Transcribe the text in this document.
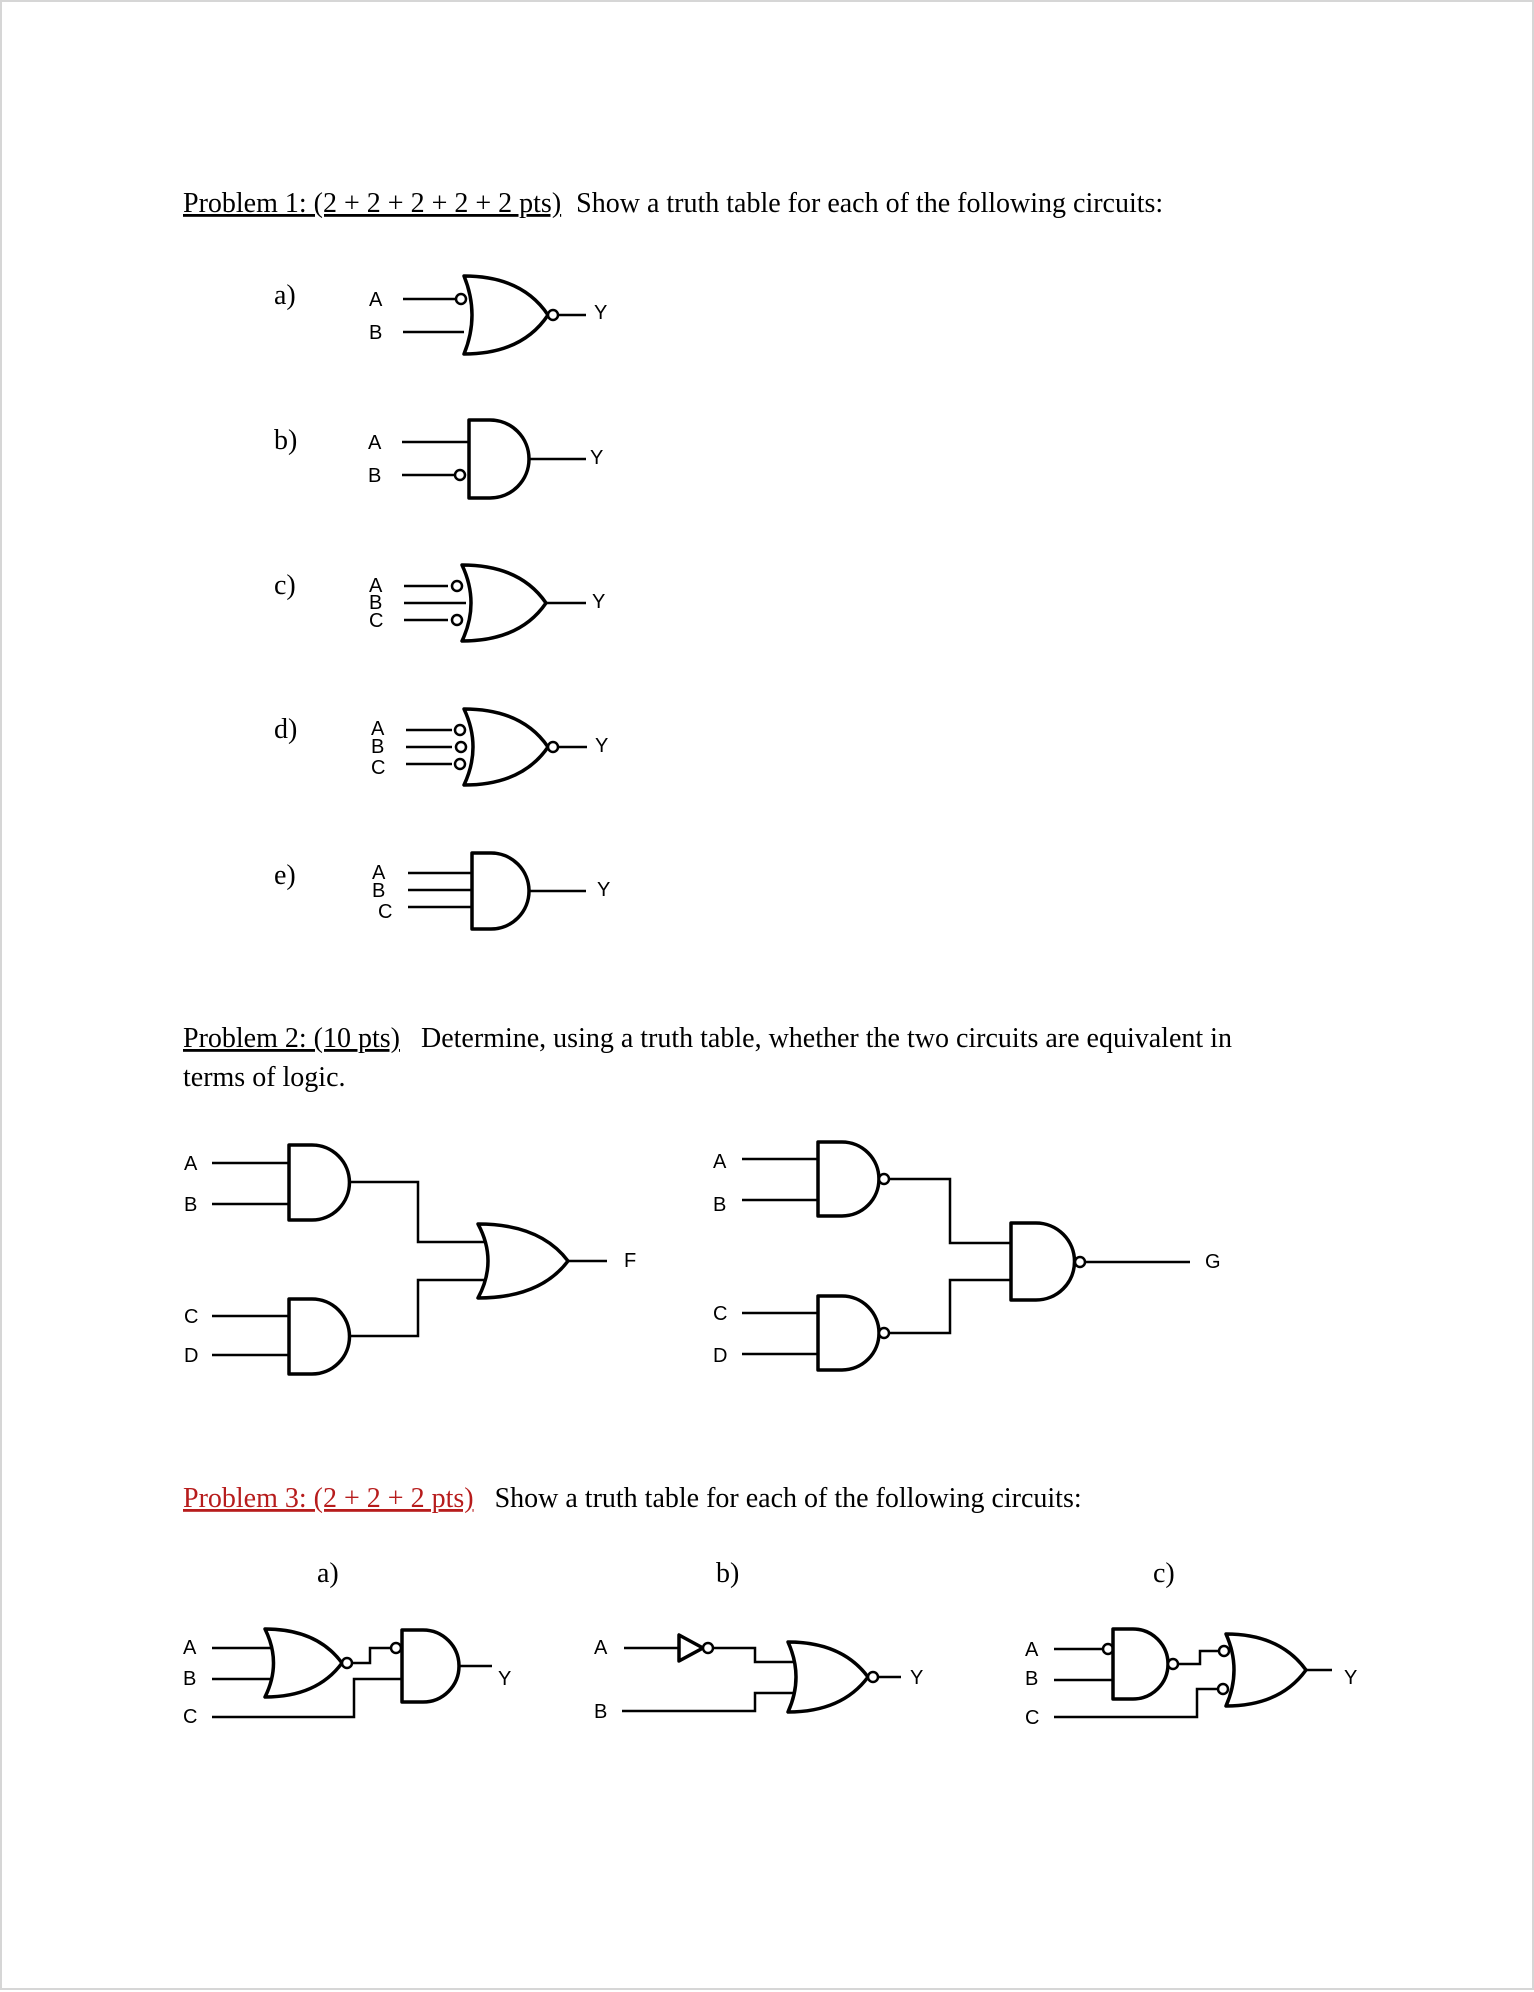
Problem 1: (2 + 2 + 2 + 2 + 2 pts) Show a truth table for each of the following circuits:
a)	A
B
Y
b)	A
B
Y
c)	A
B
C
Y
d)	A
B
C
Y
e)	A
B
C
Y
Problem 2: (10 pts) Determine, using a truth table, whether the two circuits are equivalent in
terms of logic.
A
B
C
D
F
A
B
C
D
G
Problem 3: (2 + 2 + 2 pts) Show a truth table for each of the following circuits:
a)	b)	c)
A
B
C
Y
A
B
Y
A
B
C
Y
